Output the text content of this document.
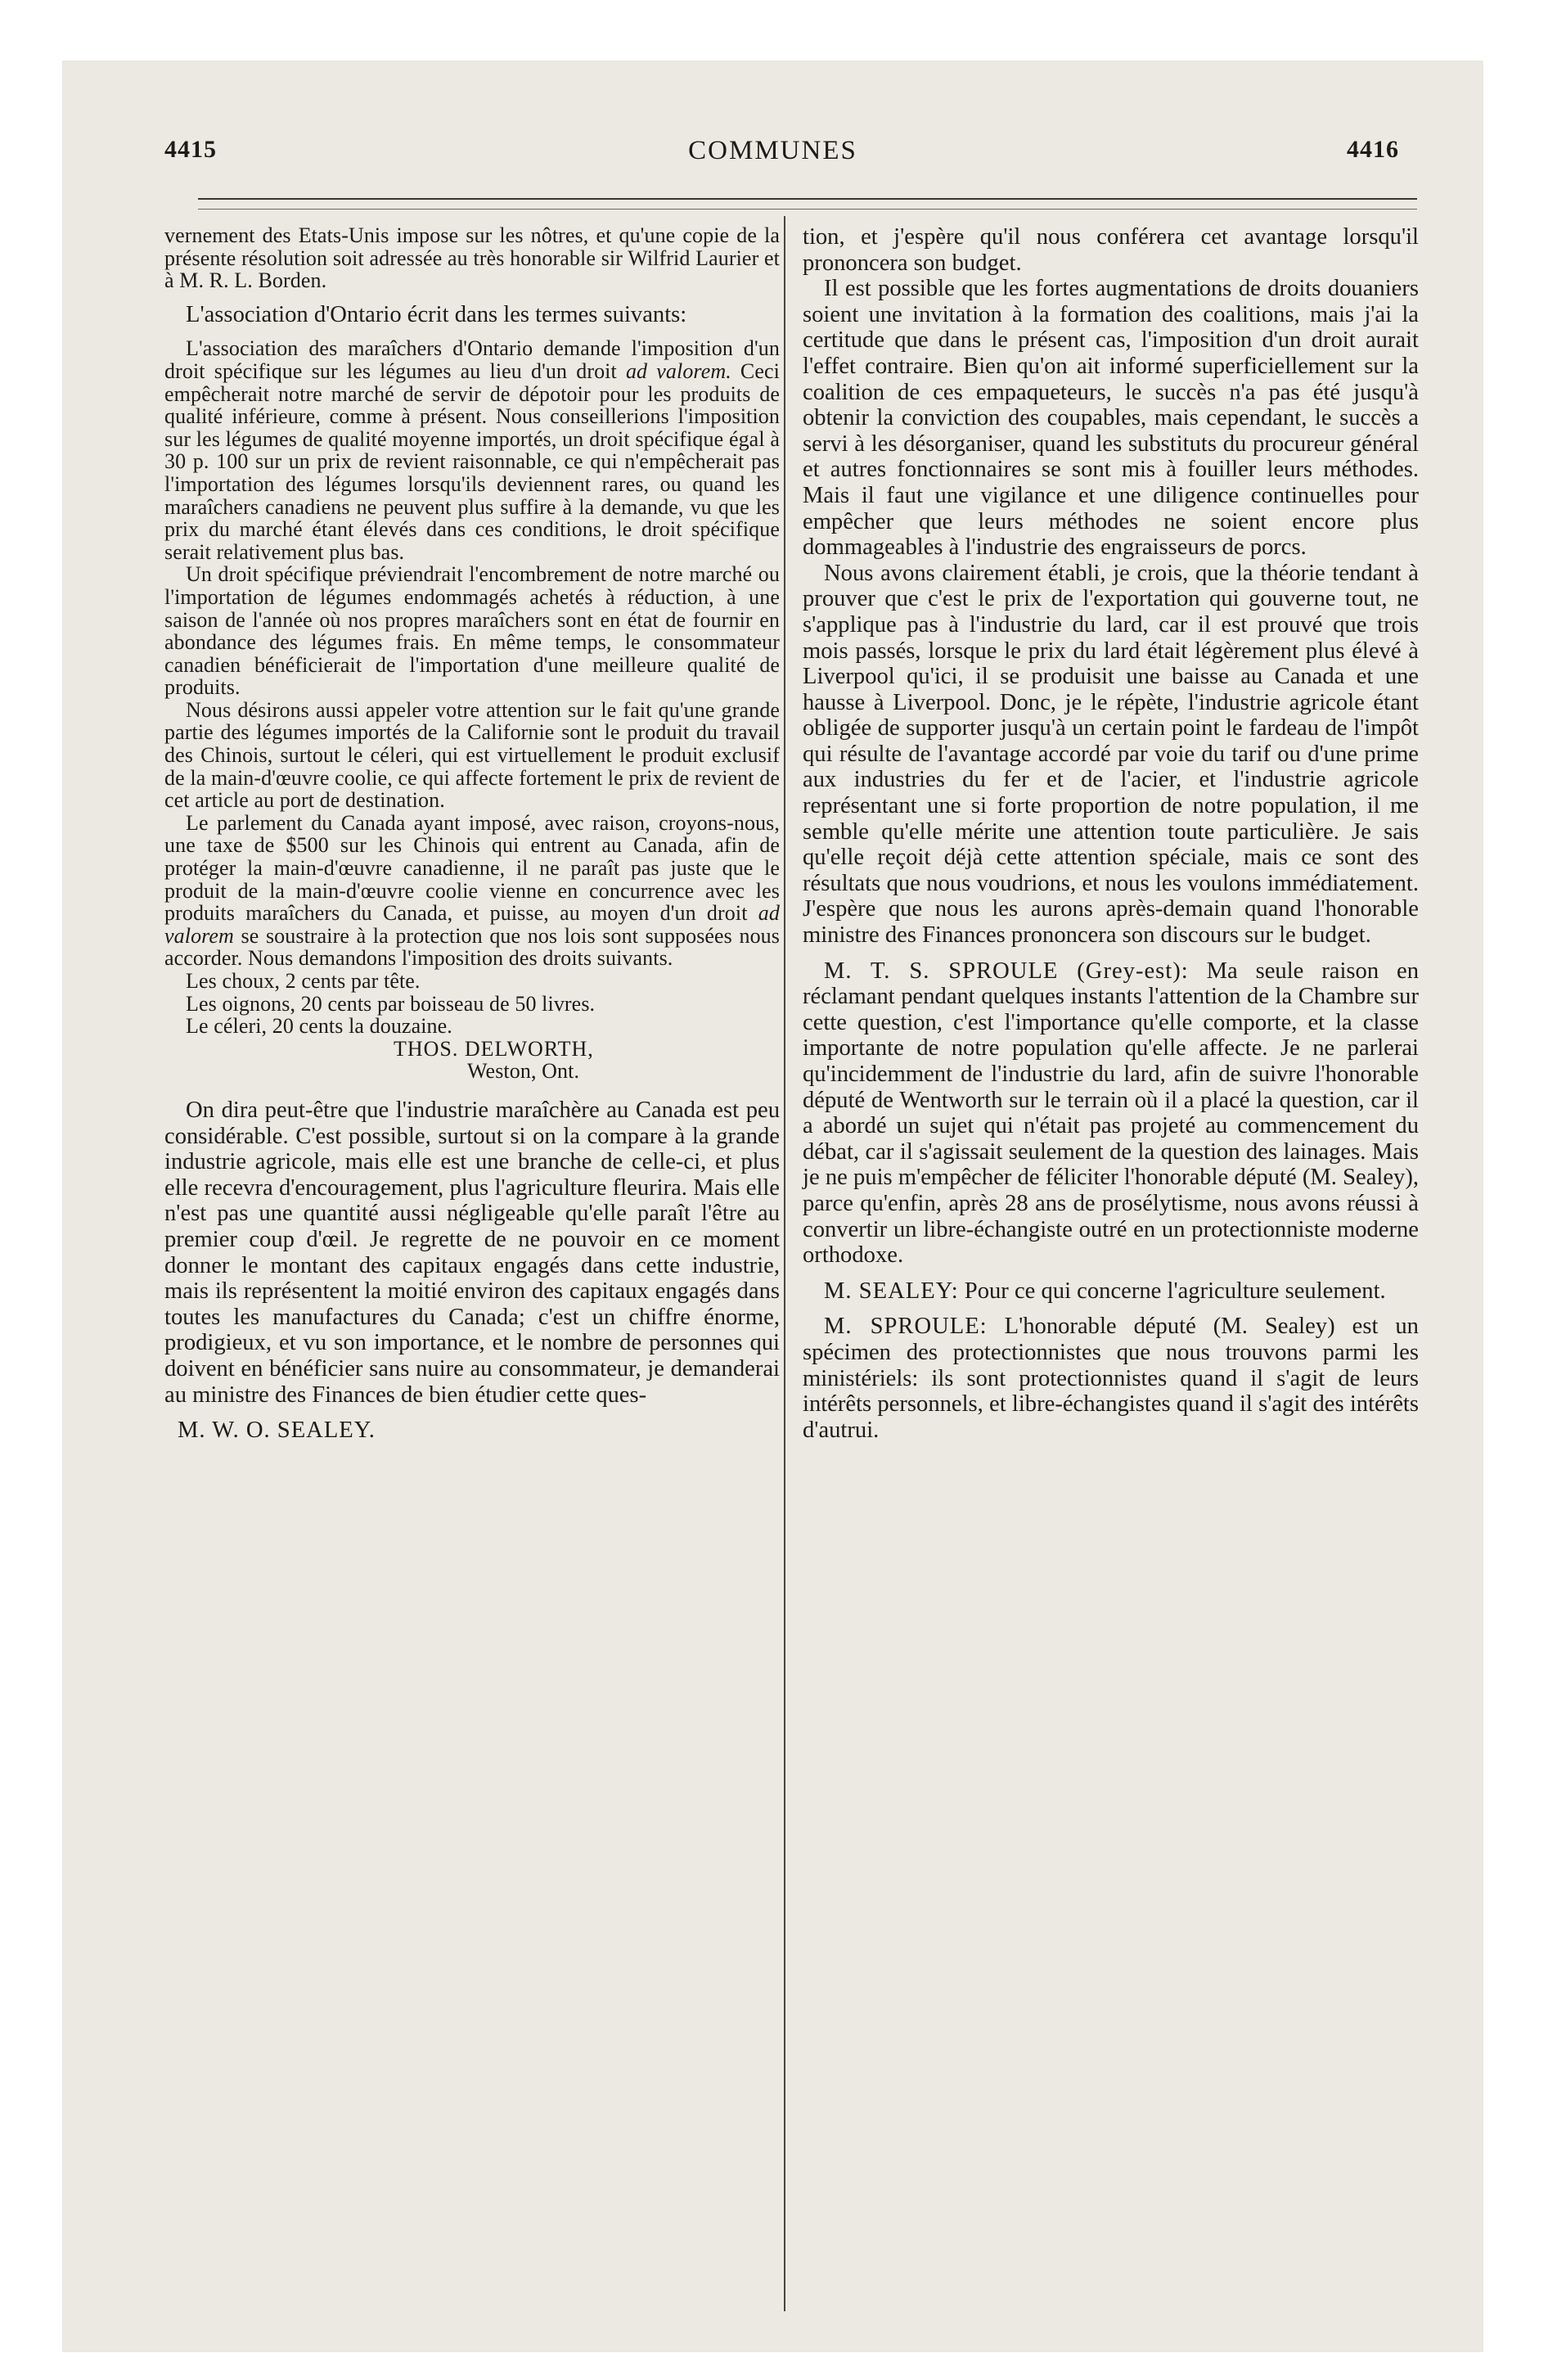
4415	COMMUNES	4416

vernement des Etats-Unis impose sur les nôtres, et qu'une copie de la présente résolution soit adressée au très honorable sir Wilfrid Laurier et à M. R. L. Borden.

L'association d'Ontario écrit dans les termes suivants:

L'association des maraîchers d'Ontario demande l'imposition d'un droit spécifique sur les légumes au lieu d'un droit ad valorem. Ceci empêcherait notre marché de servir de dépotoir pour les produits de qualité inférieure, comme à présent. Nous conseillerions l'imposition sur les légumes de qualité moyenne importés, un droit spécifique égal à 30 p. 100 sur un prix de revient raisonnable, ce qui n'empêcherait pas l'importation des légumes lorsqu'ils deviennent rares, ou quand les maraîchers canadiens ne peuvent plus suffire à la demande, vu que les prix du marché étant élevés dans ces conditions, le droit spécifique serait relativement plus bas.

Un droit spécifique préviendrait l'encombrement de notre marché ou l'importation de légumes endommagés achetés à réduction, à une saison de l'année où nos propres maraîchers sont en état de fournir en abondance des légumes frais. En même temps, le consommateur canadien bénéficierait de l'importation d'une meilleure qualité de produits.

Nous désirons aussi appeler votre attention sur le fait qu'une grande partie des légumes importés de la Californie sont le produit du travail des Chinois, surtout le céleri, qui est virtuellement le produit exclusif de la main-d'œuvre coolie, ce qui affecte fortement le prix de revient de cet article au port de destination.

Le parlement du Canada ayant imposé, avec raison, croyons-nous, une taxe de $500 sur les Chinois qui entrent au Canada, afin de protéger la main-d'œuvre canadienne, il ne paraît pas juste que le produit de la main-d'œuvre coolie vienne en concurrence avec les produits maraîchers du Canada, et puisse, au moyen d'un droit ad valorem se soustraire à la protection que nos lois sont supposées nous accorder. Nous demandons l'imposition des droits suivants.

Les choux, 2 cents par tête.

Les oignons, 20 cents par boisseau de 50 livres.

Le céleri, 20 cents la douzaine.

THOS. DELWORTH,

Weston, Ont.

On dira peut-être que l'industrie maraîchère au Canada est peu considérable. C'est possible, surtout si on la compare à la grande industrie agricole, mais elle est une branche de celle-ci, et plus elle recevra d'encouragement, plus l'agriculture fleurira. Mais elle n'est pas une quantité aussi négligeable qu'elle paraît l'être au premier coup d'œil. Je regrette de ne pouvoir en ce moment donner le montant des capitaux engagés dans cette industrie, mais ils représentent la moitié environ des capitaux engagés dans toutes les manufactures du Canada; c'est un chiffre énorme, prodigieux, et vu son importance, et le nombre de personnes qui doivent en bénéficier sans nuire au consommateur, je demanderai au ministre des Finances de bien étudier cette ques-

M. W. O. SEALEY.

tion, et j'espère qu'il nous conférera cet avantage lorsqu'il prononcera son budget.

Il est possible que les fortes augmentations de droits douaniers soient une invitation à la formation des coalitions, mais j'ai la certitude que dans le présent cas, l'imposition d'un droit aurait l'effet contraire. Bien qu'on ait informé superficiellement sur la coalition de ces empaqueteurs, le succès n'a pas été jusqu'à obtenir la conviction des coupables, mais cependant, le succès a servi à les désorganiser, quand les substituts du procureur général et autres fonctionnaires se sont mis à fouiller leurs méthodes. Mais il faut une vigilance et une diligence continuelles pour empêcher que leurs méthodes ne soient encore plus dommageables à l'industrie des engraisseurs de porcs.

Nous avons clairement établi, je crois, que la théorie tendant à prouver que c'est le prix de l'exportation qui gouverne tout, ne s'applique pas à l'industrie du lard, car il est prouvé que trois mois passés, lorsque le prix du lard était légèrement plus élevé à Liverpool qu'ici, il se produisit une baisse au Canada et une hausse à Liverpool. Donc, je le répète, l'industrie agricole étant obligée de supporter jusqu'à un certain point le fardeau de l'impôt qui résulte de l'avantage accordé par voie du tarif ou d'une prime aux industries du fer et de l'acier, et l'industrie agricole représentant une si forte proportion de notre population, il me semble qu'elle mérite une attention toute particulière. Je sais qu'elle reçoit déjà cette attention spéciale, mais ce sont des résultats que nous voudrions, et nous les voulons immédiatement. J'espère que nous les aurons après-demain quand l'honorable ministre des Finances prononcera son discours sur le budget.

M. T. S. SPROULE (Grey-est): Ma seule raison en réclamant pendant quelques instants l'attention de la Chambre sur cette question, c'est l'importance qu'elle comporte, et la classe importante de notre population qu'elle affecte. Je ne parlerai qu'incidemment de l'industrie du lard, afin de suivre l'honorable député de Wentworth sur le terrain où il a placé la question, car il a abordé un sujet qui n'était pas projeté au commencement du débat, car il s'agissait seulement de la question des lainages. Mais je ne puis m'empêcher de féliciter l'honorable député (M. Sealey), parce qu'enfin, après 28 ans de prosélytisme, nous avons réussi à convertir un libre-échangiste outré en un protectionniste moderne orthodoxe.

M. SEALEY: Pour ce qui concerne l'agriculture seulement.

M. SPROULE: L'honorable député (M. Sealey) est un spécimen des protectionnistes que nous trouvons parmi les ministériels: ils sont protectionnistes quand il s'agit de leurs intérêts personnels, et libre-échangistes quand il s'agit des intérêts d'autrui.
